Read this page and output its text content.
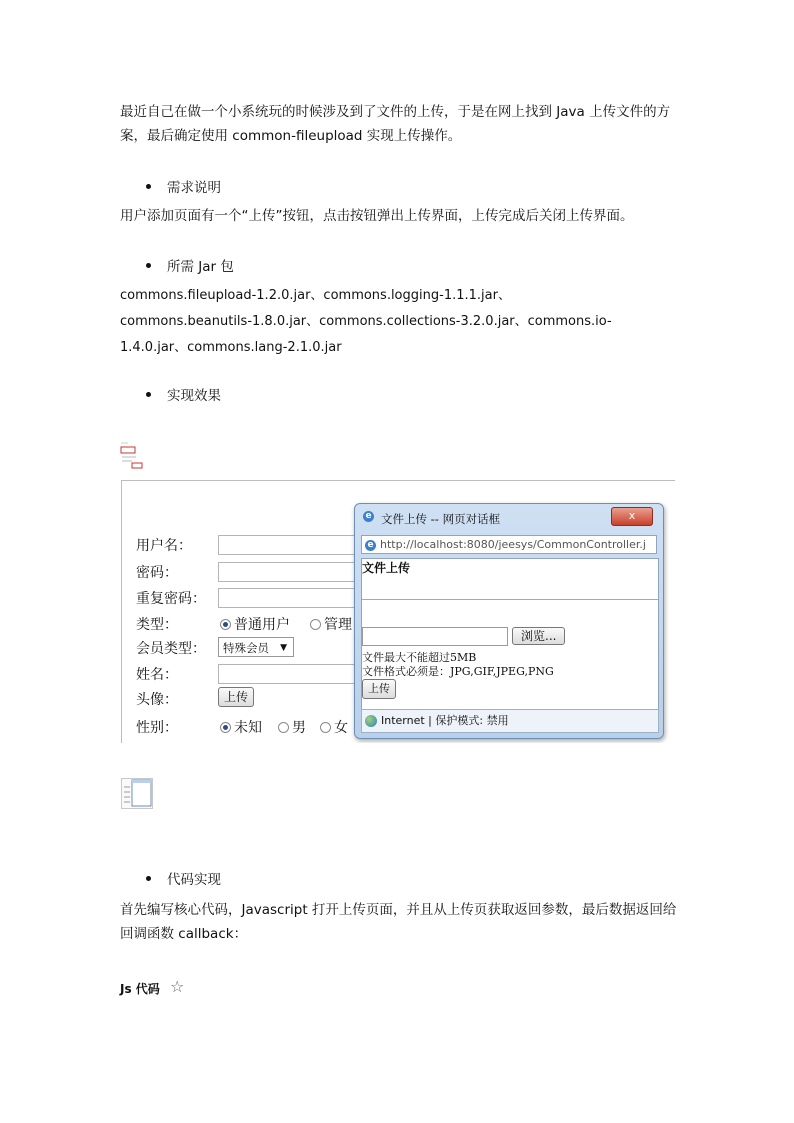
最近自己在做一个小系统玩的时候涉及到了文件的上传，于是在网上找到 Java 上传文件的方案，最后确定使用 common-fileupload 实现上传操作。
需求说明
用户添加页面有一个“上传”按钮，点击按钮弹出上传界面，上传完成后关闭上传界面。
所需 Jar 包
commons.fileupload-1.2.0.jar、commons.logging-1.1.1.jar、commons.beanutils-1.8.0.jar、commons.collections-3.2.0.jar、commons.io-1.4.0.jar、commons.lang-2.1.0.jar
实现效果
用户名：
密码：
重复密码：
类型：	普通用户	管理
会员类型：	特殊会员 ▼
姓名：
头像：	上传
性别：	未知	男	女
e 文件上传 -- 网页对话框	x
e http://localhost:8080/jeesys/CommonController.j
文件上传
浏览...
文件最大不能超过5MB
文件格式必须是：JPG,GIF,JPEG,PNG
上传
Internet | 保护模式: 禁用
代码实现
首先编写核心代码，Javascript 打开上传页面，并且从上传页获取返回参数，最后数据返回给回调函数 callback：
Js 代码 ☆
